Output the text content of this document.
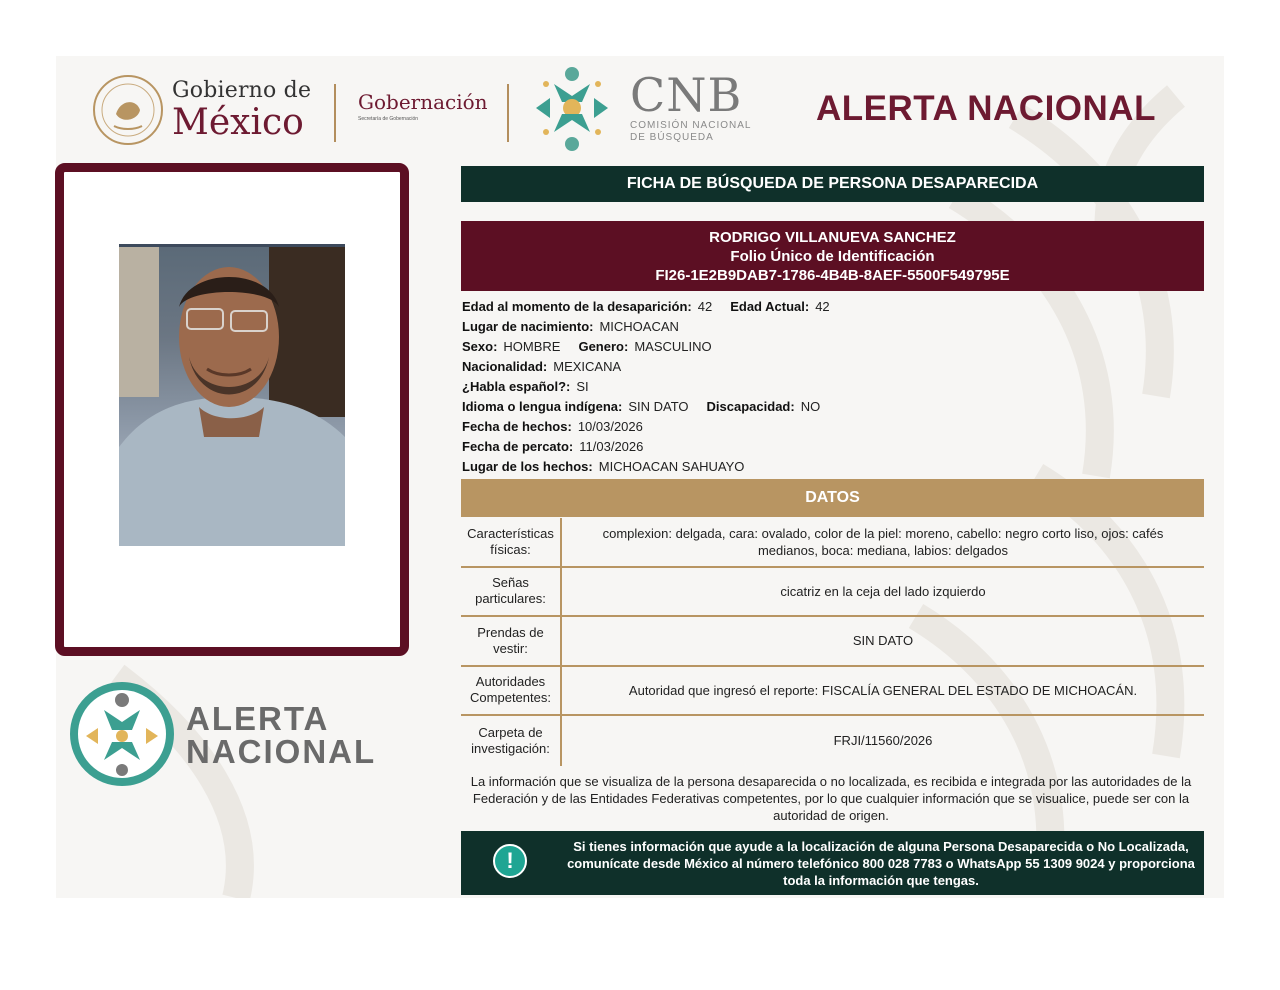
Gobierno de
México	Gobernación
Secretaría de Gobernación	CNB
COMISIÓN NACIONAL
DE BÚSQUEDA
ALERTA NACIONAL
ALERTA
NACIONAL
FICHA DE BÚSQUEDA DE PERSONA DESAPARECIDA
RODRIGO VILLANUEVA SANCHEZ
Folio Único de Identificación
FI26-1E2B9DAB7-1786-4B4B-8AEF-5500F549795E
Edad al momento de la desaparición: 42 Edad Actual: 42
Lugar de nacimiento: MICHOACAN
Sexo: HOMBRE Genero: MASCULINO
Nacionalidad: MEXICANA
¿Habla español?: SI
Idioma o lengua indígena: SIN DATO Discapacidad: NO
Fecha de hechos: 10/03/2026
Fecha de percato: 11/03/2026
Lugar de los hechos: MICHOACAN SAHUAYO
DATOS
Características físicas:
complexion: delgada, cara: ovalado, color de la piel: moreno, cabello: negro corto liso, ojos: cafés medianos, boca: mediana, labios: delgados
Señas particulares:	cicatriz en la ceja del lado izquierdo
Prendas de vestir:	SIN DATO
Autoridades Competentes:	Autoridad que ingresó el reporte: FISCALÍA GENERAL DEL ESTADO DE MICHOACÁN.
Carpeta de investigación:	FRJI/11560/2026
La información que se visualiza de la persona desaparecida o no localizada, es recibida e integrada por las autoridades de la Federación y de las Entidades Federativas competentes, por lo que cualquier información que se visualice, puede ser con la autoridad de origen.
!
Si tienes información que ayude a la localización de alguna Persona Desaparecida o No Localizada, comunícate desde México al número telefónico 800 028 7783 o WhatsApp 55 1309 9024 y proporciona toda la información que tengas.
